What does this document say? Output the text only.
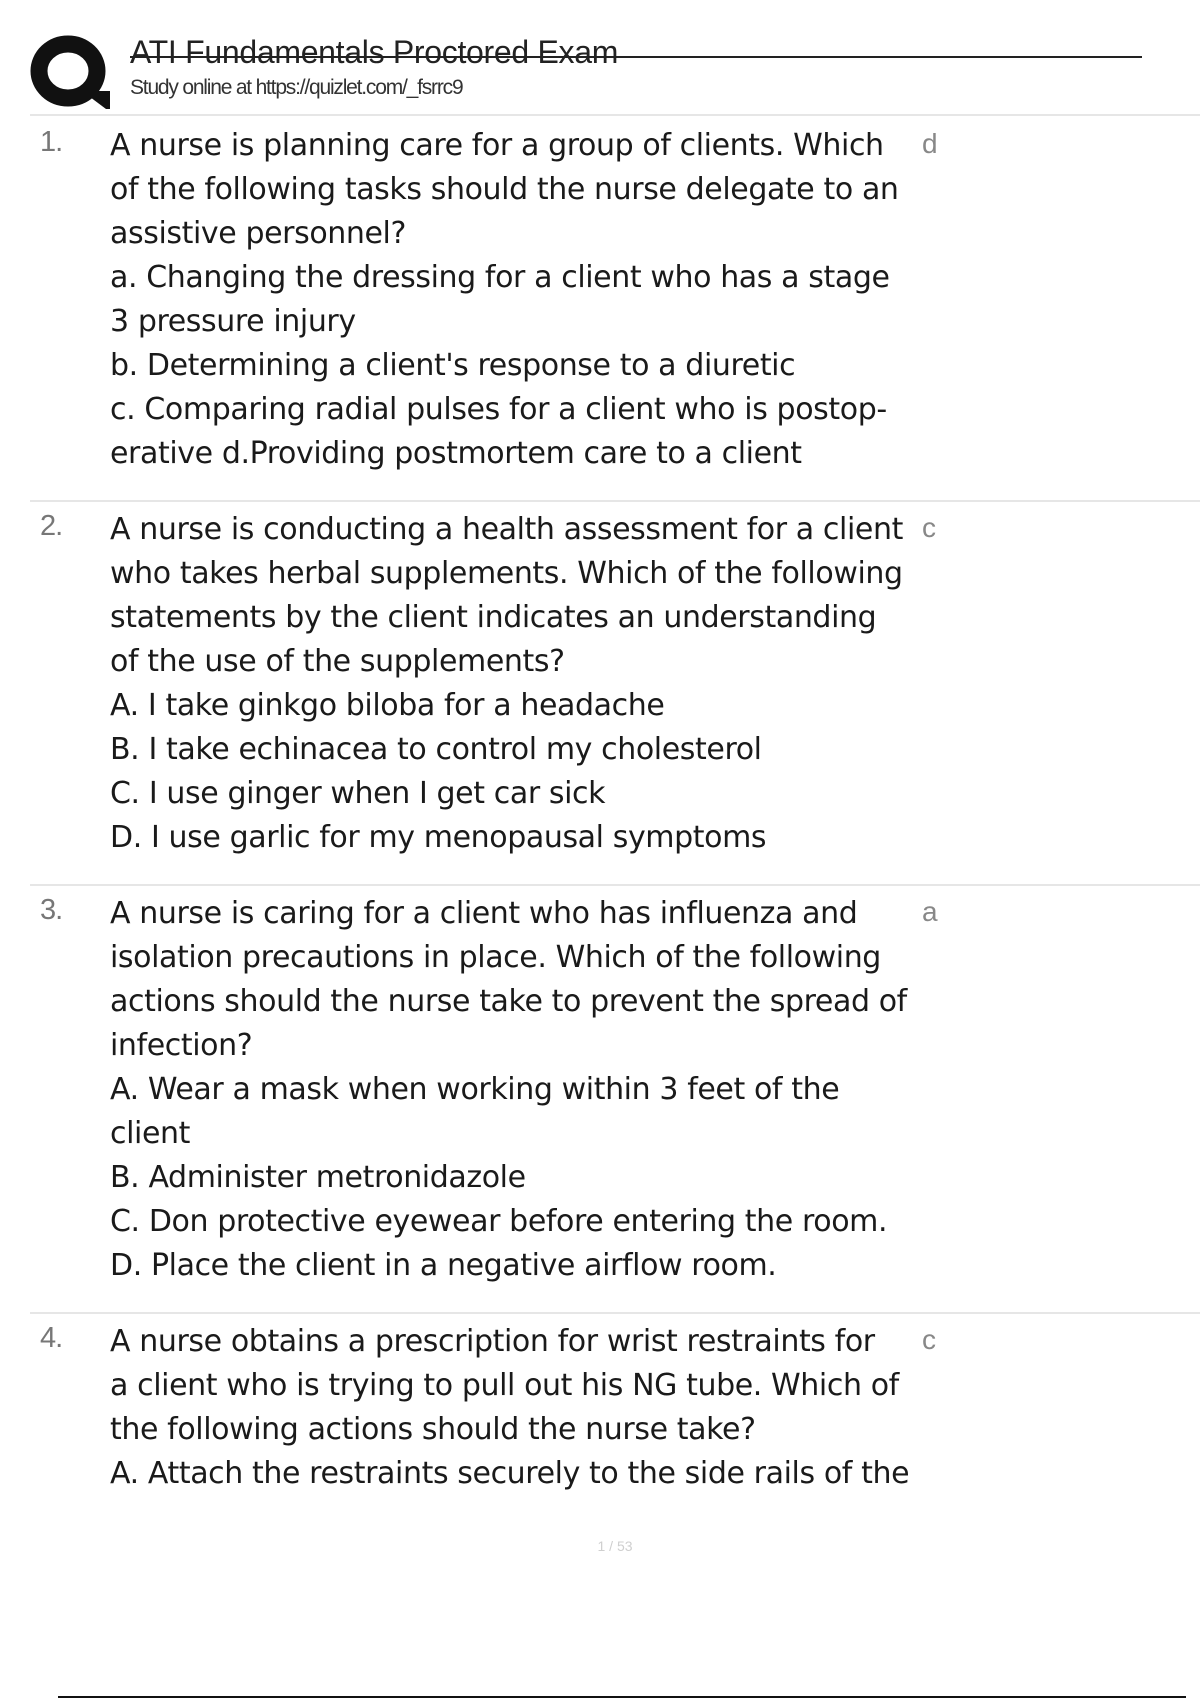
ATI Fundamentals Proctored Exam
Study online at https://quizlet.com/_fsrrc9
1. A nurse is planning care for a group of clients. Which
of the following tasks should the nurse delegate to an
assistive personnel?
a. Changing the dressing for a client who has a stage
3 pressure injury
b. Determining a client's response to a diuretic
c. Comparing radial pulses for a client who is postop-
erative d.Providing postmortem care to a client
d
2. A nurse is conducting a health assessment for a client
who takes herbal supplements. Which of the following
statements by the client indicates an understanding
of the use of the supplements?
A. I take ginkgo biloba for a headache
B. I take echinacea to control my cholesterol
C. I use ginger when I get car sick
D. I use garlic for my menopausal symptoms
c
3. A nurse is caring for a client who has influenza and
isolation precautions in place. Which of the following
actions should the nurse take to prevent the spread of
infection?
A. Wear a mask when working within 3 feet of the
client
B. Administer metronidazole
C. Don protective eyewear before entering the room.
D. Place the client in a negative airflow room.
a
4. A nurse obtains a prescription for wrist restraints for
a client who is trying to pull out his NG tube. Which of
the following actions should the nurse take?
A. Attach the restraints securely to the side rails of the
c
1 / 53
